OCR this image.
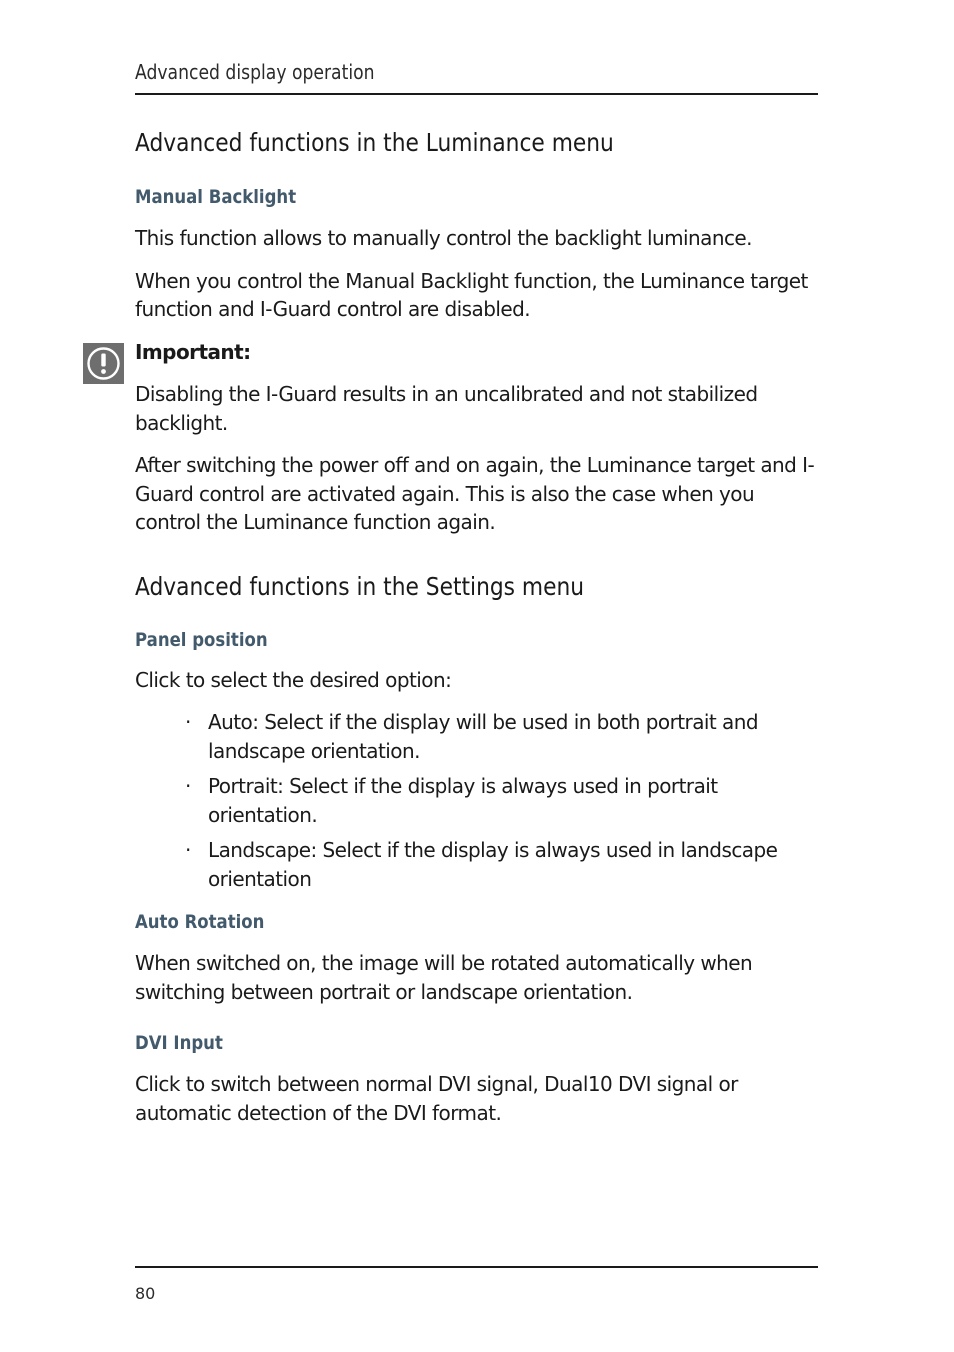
Advanced display operation
Advanced functions in the Luminance menu
Manual Backlight

This function allows to manually control the backlight luminance.

When you control the Manual Backlight function, the Luminance target function and I-Guard control are disabled.

Important:

Disabling the I-Guard results in an uncalibrated and not stabilized backlight.

After switching the power off and on again, the Luminance target and I-Guard control are activated again. This is also the case when you control the Luminance function again.

Advanced functions in the Settings menu
Panel position

Click to select the desired option:

· Auto: Select if the display will be used in both portrait and landscape orientation.
· Portrait: Select if the display is always used in portrait orientation.
· Landscape: Select if the display is always used in landscape orientation
Auto Rotation

When switched on, the image will be rotated automatically when switching between portrait or landscape orientation.

DVI Input

Click to switch between normal DVI signal, Dual10 DVI signal or automatic detection of the DVI format.

80
